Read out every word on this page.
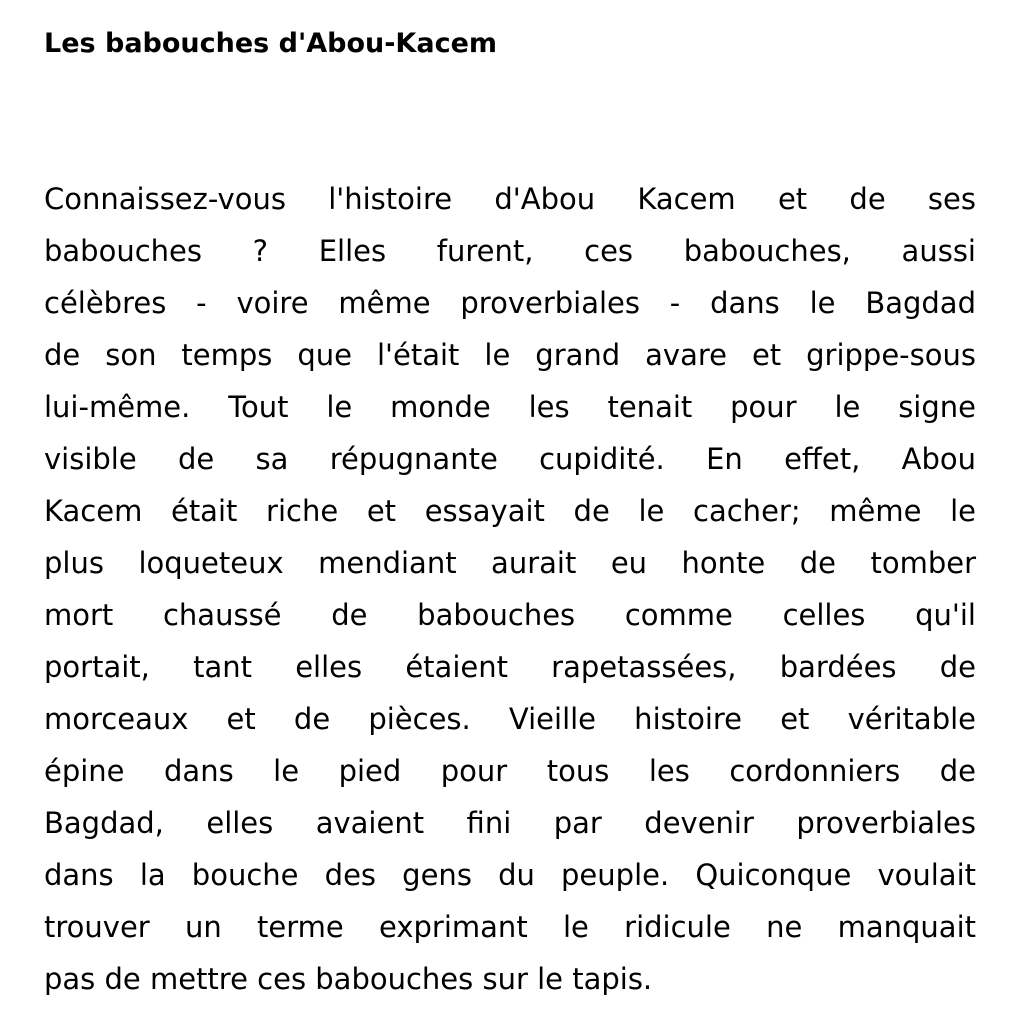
Les babouches d'Abou-Kacem
Connaissez-vous l'histoire d'Abou Kacem et de ses
babouches ? Elles furent, ces babouches, aussi
célèbres - voire même proverbiales - dans le Bagdad
de son temps que l'était le grand avare et grippe-sous
lui-même. Tout le monde les tenait pour le signe
visible de sa répugnante cupidité. En effet, Abou
Kacem était riche et essayait de le cacher; même le
plus loqueteux mendiant aurait eu honte de tomber
mort chaussé de babouches comme celles qu'il
portait, tant elles étaient rapetassées, bardées de
morceaux et de pièces. Vieille histoire et véritable
épine dans le pied pour tous les cordonniers de
Bagdad, elles avaient fini par devenir proverbiales
dans la bouche des gens du peuple. Quiconque voulait
trouver un terme exprimant le ridicule ne manquait
pas de mettre ces babouches sur le tapis.
